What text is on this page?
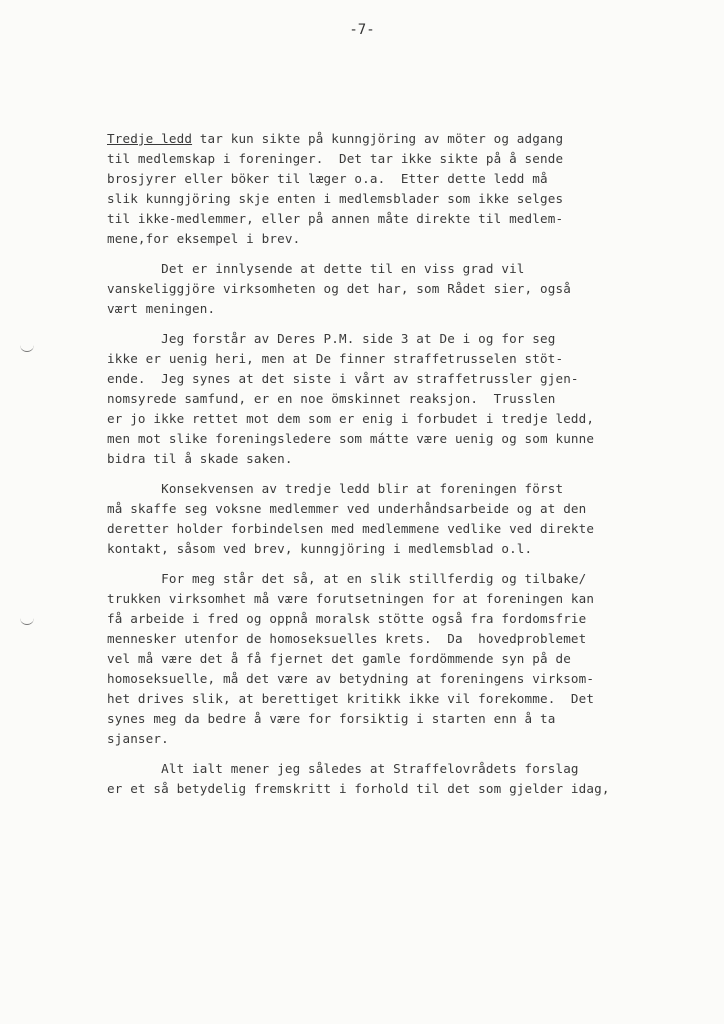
-7-
Tredje ledd tar kun sikte på kunngjöring av möter og adgang
til medlemskap i foreninger.  Det tar ikke sikte på å sende
brosjyrer eller böker til læger o.a.  Etter dette ledd må
slik kunngjöring skje enten i medlemsblader som ikke selges
til ikke-medlemmer, eller på annen måte direkte til medlem-
mene,for eksempel i brev.
Det er innlysende at dette til en viss grad vil
vanskeliggjöre virksomheten og det har, som Rådet sier, også
vært meningen.
Jeg forstår av Deres P.M. side 3 at De i og for seg
ikke er uenig heri, men at De finner straffetrusselen stöt-
ende.  Jeg synes at det siste i vårt av straffetrussler gjen-
nomsyrede samfund, er en noe ömskinnet reaksjon.  Trusslen
er jo ikke rettet mot dem som er enig i forbudet i tredje ledd,
men mot slike foreningsledere som mátte være uenig og som kunne
bidra til å skade saken.
Konsekvensen av tredje ledd blir at foreningen först
må skaffe seg voksne medlemmer ved underhåndsarbeide og at den
deretter holder forbindelsen med medlemmene vedlike ved direkte
kontakt, såsom ved brev, kunngjöring i medlemsblad o.l.
For meg står det så, at en slik stillferdig og tilbake/
trukken virksomhet må være forutsetningen for at foreningen kan
få arbeide i fred og oppnå moralsk stötte også fra fordomsfrie
mennesker utenfor de homoseksuelles krets.  Da  hovedproblemet
vel må være det å få fjernet det gamle fordömmende syn på de
homoseksuelle, må det være av betydning at foreningens virksom-
het drives slik, at berettiget kritikk ikke vil forekomme.  Det
synes meg da bedre å være for forsiktig i starten enn å ta
sjanser.
Alt ialt mener jeg således at Straffelovrådets forslag
er et så betydelig fremskritt i forhold til det som gjelder idag,
